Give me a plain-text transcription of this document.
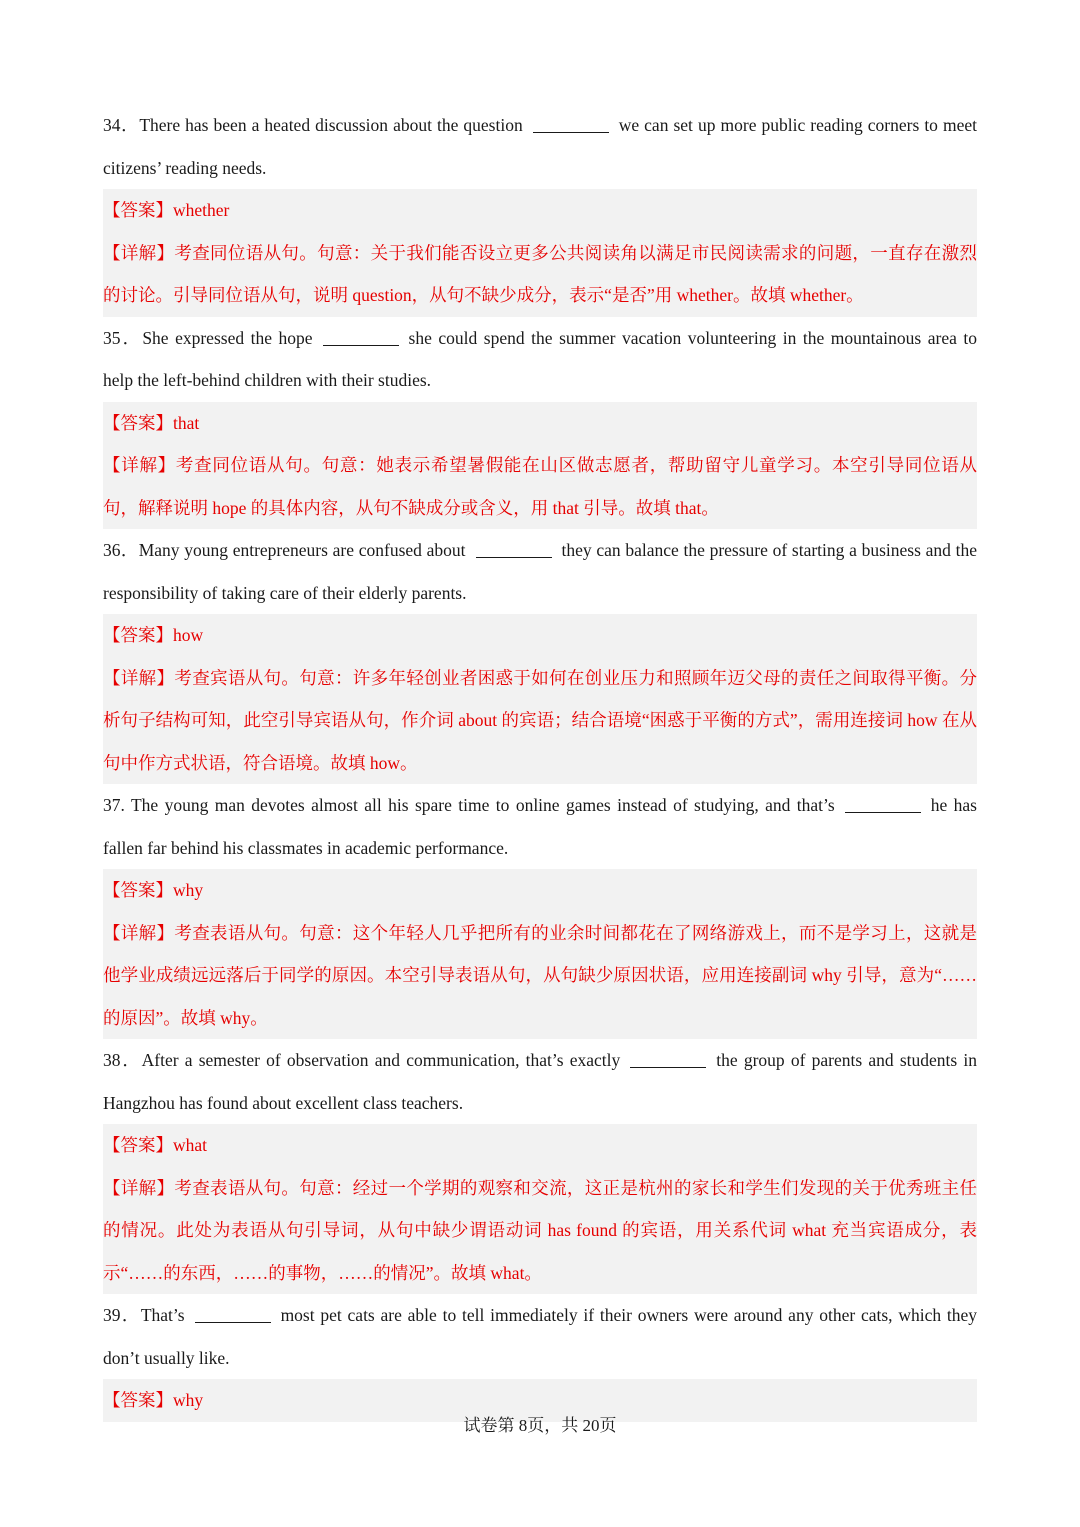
34．There has been a heated discussion about the question	we can set up more public reading corners to meet citizens’ reading needs.
【答案】whether
【详解】考查同位语从句。句意：关于我们能否设立更多公共阅读角以满足市民阅读需求的问题，一直存在激烈的讨论。引导同位语从句，说明 question，从句不缺少成分，表示“是否”用 whether。故填 whether。
35．She expressed the hope	she could spend the summer vacation volunteering in the mountainous area to help the left-behind children with their studies.
【答案】that
【详解】考查同位语从句。句意：她表示希望暑假能在山区做志愿者，帮助留守儿童学习。本空引导同位语从句，解释说明 hope 的具体内容，从句不缺成分或含义，用 that 引导。故填 that。
36．Many young entrepreneurs are confused about	they can balance the pressure of starting a business and the responsibility of taking care of their elderly parents.
【答案】how
【详解】考查宾语从句。句意：许多年轻创业者困惑于如何在创业压力和照顾年迈父母的责任之间取得平衡。分析句子结构可知，此空引导宾语从句，作介词 about 的宾语；结合语境“困惑于平衡的方式”，需用连接词 how 在从句中作方式状语，符合语境。故填 how。
37. The young man devotes almost all his spare time to online games instead of studying, and that’s	he has fallen far behind his classmates in academic performance.
【答案】why
【详解】考查表语从句。句意：这个年轻人几乎把所有的业余时间都花在了网络游戏上，而不是学习上，这就是他学业成绩远远落后于同学的原因。本空引导表语从句，从句缺少原因状语，应用连接副词 why 引导，意为“……的原因”。故填 why。
38．After a semester of observation and communication, that’s exactly	the group of parents and students in Hangzhou has found about excellent class teachers.
【答案】what
【详解】考查表语从句。句意：经过一个学期的观察和交流，这正是杭州的家长和学生们发现的关于优秀班主任的情况。此处为表语从句引导词，从句中缺少谓语动词 has found 的宾语，用关系代词 what 充当宾语成分，表示“……的东西，……的事物，……的情况”。故填 what。
39．That’s	most pet cats are able to tell immediately if their owners were around any other cats, which they don’t usually like.
【答案】why
试卷第 8页，共 20页
